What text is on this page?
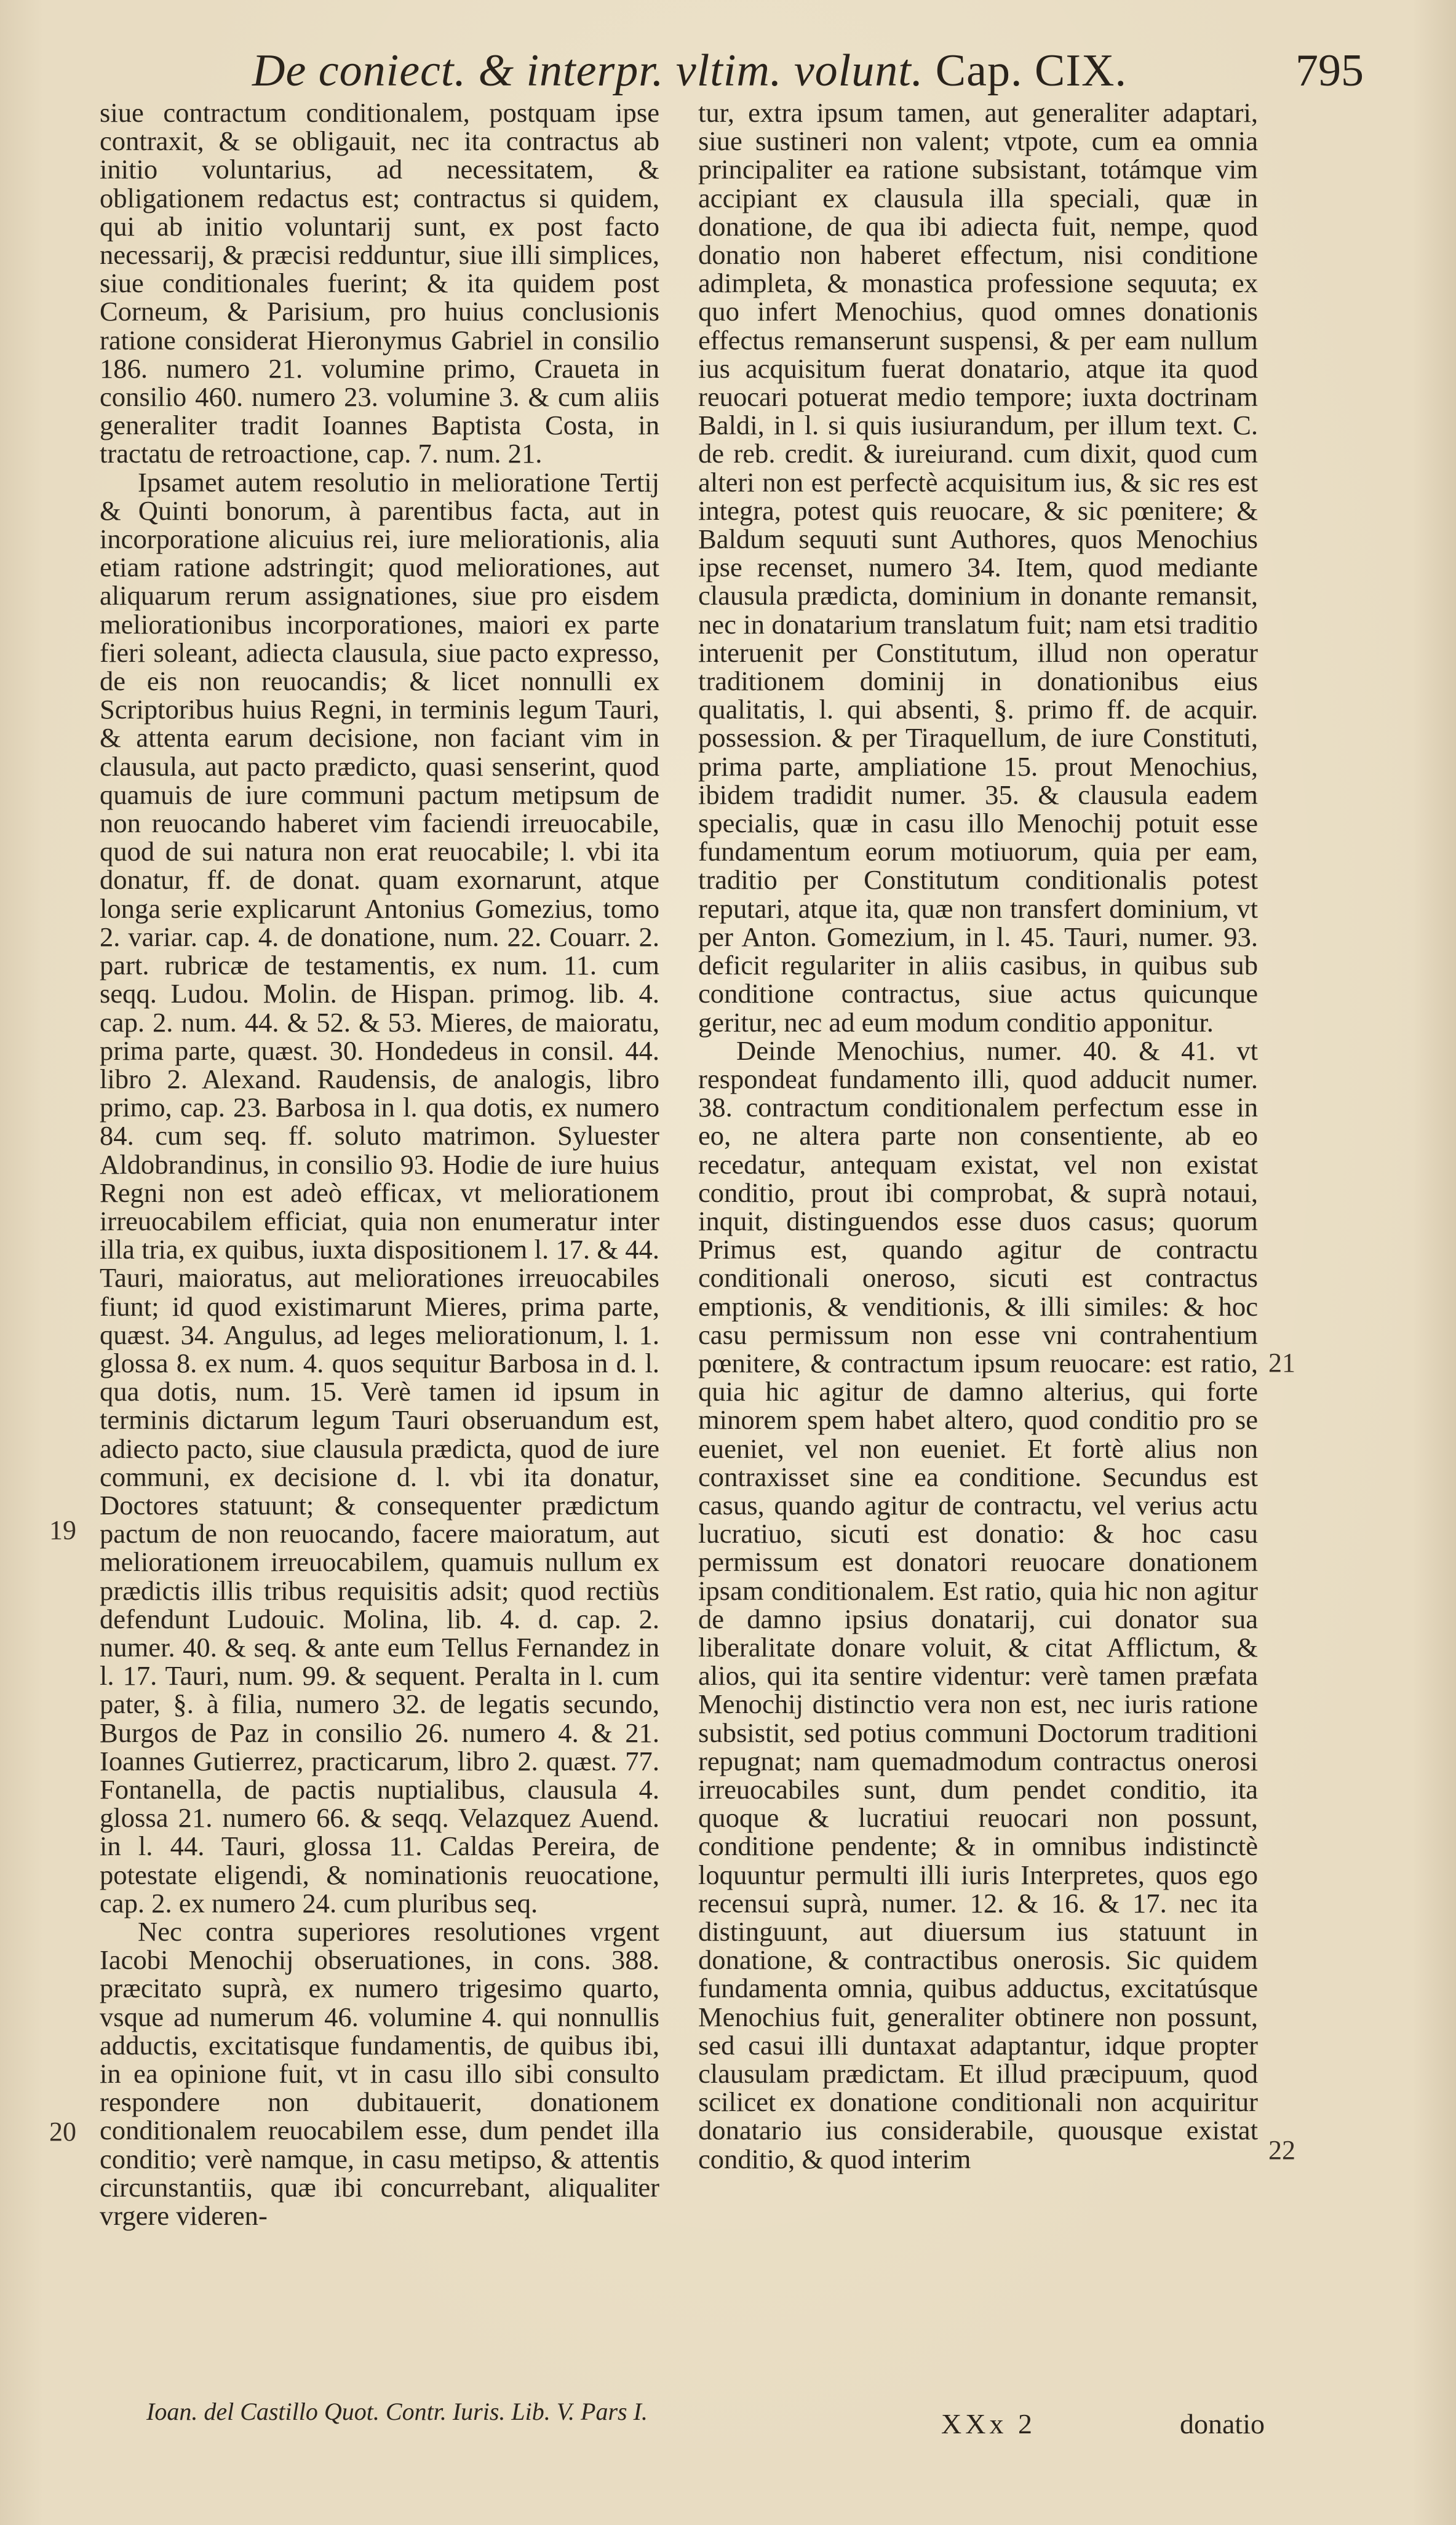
De coniect. & interpr. vltim. volunt. Cap. CIX.	795

siue contractum conditionalem, postquam ipse contraxit, & se obligauit, nec ita contractus ab initio voluntarius, ad necessitatem, & obligationem redactus est; contractus si quidem, qui ab initio voluntarij sunt, ex post facto necessarij, & præcisi redduntur, siue illi simplices, siue conditionales fuerint; & ita quidem post Corneum, & Parisium, pro huius conclusionis ratione considerat Hieronymus Gabriel in consilio 186. numero 21. volumine primo, Craueta in consilio 460. numero 23. volumine 3. & cum aliis generaliter tradit Ioannes Baptista Costa, in tractatu de retroactione, cap. 7. num. 21.

Ipsamet autem resolutio in melioratione Tertij & Quinti bonorum, à parentibus facta, aut in incorporatione alicuius rei, iure meliorationis, alia etiam ratione adstringit; quod meliorationes, aut aliquarum rerum assignationes, siue pro eisdem meliorationibus incorporationes, maiori ex parte fieri soleant, adiecta clausula, siue pacto expresso, de eis non reuocandis; & licet nonnulli ex Scriptoribus huius Regni, in terminis legum Tauri, & attenta earum decisione, non faciant vim in clausula, aut pacto prædicto, quasi senserint, quod quamuis de iure communi pactum metipsum de non reuocando haberet vim faciendi irreuocabile, quod de sui natura non erat reuocabile; l. vbi ita donatur, ff. de donat. quam exornarunt, atque longa serie explicarunt Antonius Gomezius, tomo 2. variar. cap. 4. de donatione, num. 22. Couarr. 2. part. rubricæ de testamentis, ex num. 11. cum seqq. Ludou. Molin. de Hispan. primog. lib. 4. cap. 2. num. 44. & 52. & 53. Mieres, de maioratu, prima parte, quæst. 30. Hondedeus in consil. 44. libro 2. Alexand. Raudensis, de analogis, libro primo, cap. 23. Barbosa in l. qua dotis, ex numero 84. cum seq. ff. soluto matrimon. Syluester Aldobrandinus, in consilio 93. Hodie de iure huius Regni non est adeò efficax, vt meliorationem irreuocabilem efficiat, quia non enumeratur inter illa tria, ex quibus, iuxta dispositionem l. 17. & 44. Tauri, maioratus, aut meliorationes irreuocabiles fiunt; id quod existimarunt Mieres, prima parte, quæst. 34. Angulus, ad leges meliorationum, l. 1. glossa 8. ex num. 4. quos sequitur Barbosa in d. l. qua dotis, num. 15. Verè tamen id ipsum in terminis dictarum legum Tauri obseruandum est, adiecto pacto, siue clausula prædicta, quod de iure communi, ex decisione d. l. vbi ita donatur, Doctores statuunt; & consequenter prædictum pactum de non reuocando, facere maioratum, aut meliorationem irreuocabilem, quamuis nullum ex prædictis illis tribus requisitis adsit; quod rectiùs defendunt Ludouic. Molina, lib. 4. d. cap. 2. numer. 40. & seq. & ante eum Tellus Fernandez in l. 17. Tauri, num. 99. & sequent. Peralta in l. cum pater, §. à filia, numero 32. de legatis secundo, Burgos de Paz in consilio 26. numero 4. & 21. Ioannes Gutierrez, practicarum, libro 2. quæst. 77. Fontanella, de pactis nuptialibus, clausula 4. glossa 21. numero 66. & seqq. Velazquez Auend. in l. 44. Tauri, glossa 11. Caldas Pereira, de potestate eligendi, & nominationis reuocatione, cap. 2. ex numero 24. cum pluribus seq.

Nec contra superiores resolutiones vrgent Iacobi Menochij obseruationes, in cons. 388. præcitato suprà, ex numero trigesimo quarto, vsque ad numerum 46. volumine 4. qui nonnullis adductis, excitatisque fundamentis, de quibus ibi, in ea opinione fuit, vt in casu illo sibi consulto respondere non dubitauerit, donationem conditionalem reuocabilem esse, dum pendet illa conditio; verè namque, in casu metipso, & attentis circunstantiis, quæ ibi concurrebant, aliqualiter vrgere videren-

tur, extra ipsum tamen, aut generaliter adaptari, siue sustineri non valent; vtpote, cum ea omnia principaliter ea ratione subsistant, totámque vim accipiant ex clausula illa speciali, quæ in donatione, de qua ibi adiecta fuit, nempe, quod donatio non haberet effectum, nisi conditione adimpleta, & monastica professione sequuta; ex quo infert Menochius, quod omnes donationis effectus remanserunt suspensi, & per eam nullum ius acquisitum fuerat donatario, atque ita quod reuocari potuerat medio tempore; iuxta doctrinam Baldi, in l. si quis iusiurandum, per illum text. C. de reb. credit. & iureiurand. cum dixit, quod cum alteri non est perfectè acquisitum ius, & sic res est integra, potest quis reuocare, & sic pœnitere; & Baldum sequuti sunt Authores, quos Menochius ipse recenset, numero 34. Item, quod mediante clausula prædicta, dominium in donante remansit, nec in donatarium translatum fuit; nam etsi traditio interuenit per Constitutum, illud non operatur traditionem dominij in donationibus eius qualitatis, l. qui absenti, §. primo ff. de acquir. possession. & per Tiraquellum, de iure Constituti, prima parte, ampliatione 15. prout Menochius, ibidem tradidit numer. 35. & clausula eadem specialis, quæ in casu illo Menochij potuit esse fundamentum eorum motiuorum, quia per eam, traditio per Constitutum conditionalis potest reputari, atque ita, quæ non transfert dominium, vt per Anton. Gomezium, in l. 45. Tauri, numer. 93. deficit regulariter in aliis casibus, in quibus sub conditione contractus, siue actus quicunque geritur, nec ad eum modum conditio apponitur.

Deinde Menochius, numer. 40. & 41. vt respondeat fundamento illi, quod adducit numer. 38. contractum conditionalem perfectum esse in eo, ne altera parte non consentiente, ab eo recedatur, antequam existat, vel non existat conditio, prout ibi comprobat, & suprà notaui, inquit, distinguendos esse duos casus; quorum Primus est, quando agitur de contractu conditionali oneroso, sicuti est contractus emptionis, & venditionis, & illi similes: & hoc casu permissum non esse vni contrahentium pœnitere, & contractum ipsum reuocare: est ratio, quia hic agitur de damno alterius, qui forte minorem spem habet altero, quod conditio pro se eueniet, vel non eueniet. Et fortè alius non contraxisset sine ea conditione. Secundus est casus, quando agitur de contractu, vel verius actu lucratiuo, sicuti est donatio: & hoc casu permissum est donatori reuocare donationem ipsam conditionalem. Est ratio, quia hic non agitur de damno ipsius donatarij, cui donator sua liberalitate donare voluit, & citat Afflictum, & alios, qui ita sentire videntur: verè tamen præfata Menochij distinctio vera non est, nec iuris ratione subsistit, sed potius communi Doctorum traditioni repugnat; nam quemadmodum contractus onerosi irreuocabiles sunt, dum pendet conditio, ita quoque & lucratiui reuocari non possunt, conditione pendente; & in omnibus indistinctè loquuntur permulti illi iuris Interpretes, quos ego recensui suprà, numer. 12. & 16. & 17. nec ita distinguunt, aut diuersum ius statuunt in donatione, & contractibus onerosis. Sic quidem fundamenta omnia, quibus adductus, excitatúsque Menochius fuit, generaliter obtinere non possunt, sed casui illi duntaxat adaptantur, idque propter clausulam prædictam. Et illud præcipuum, quod scilicet ex donatione conditionali non acquiritur donatario ius considerabile, quousque existat conditio, & quod interim

19
20
21
22
Ioan. del Castillo Quot. Contr. Iuris. Lib. V. Pars I.	XXx 2	donatio
